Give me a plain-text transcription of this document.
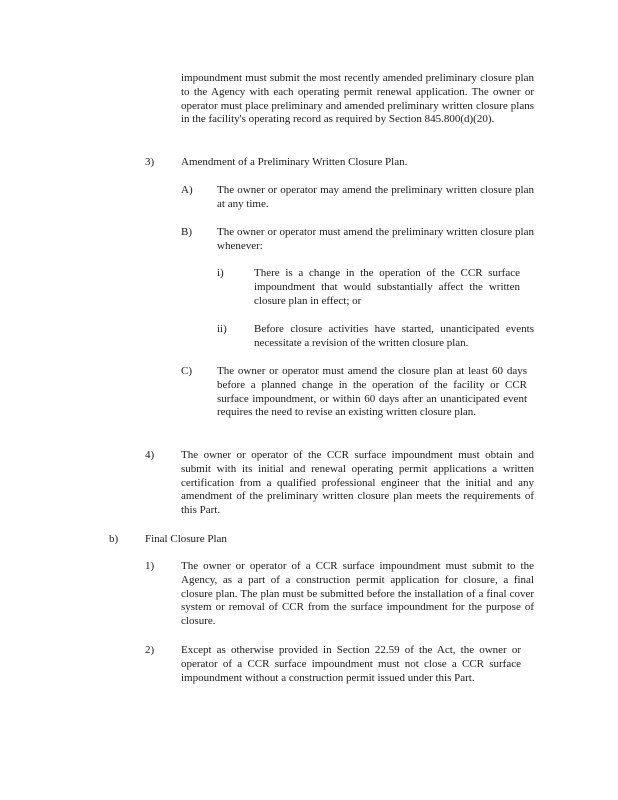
impoundment must submit the most recently amended preliminary closure plan to the Agency with each operating permit renewal application. The owner or operator must place preliminary and amended preliminary written closure plans in the facility's operating record as required by Section 845.800(d)(20).

3) Amendment of a Preliminary Written Closure Plan.
A) The owner or operator may amend the preliminary written closure plan at any time.

B) The owner or operator must amend the preliminary written closure plan whenever:

i)	There is a change in the operation of the CCR surface impoundment that would substantially affect the written closure plan in effect; or

ii) Before closure activities have started, unanticipated events necessitate a revision of the written closure plan.

C) The owner or operator must amend the closure plan at least 60 days before a planned change in the operation of the facility or CCR surface impoundment, or within 60 days after an unanticipated event requires the need to revise an existing written closure plan.

4) The owner or operator of the CCR surface impoundment must obtain and submit with its initial and renewal operating permit applications a written certification from a qualified professional engineer that the initial and any amendment of the preliminary written closure plan meets the requirements of this Part.

b) Final Closure Plan
1) The owner or operator of a CCR surface impoundment must submit to the Agency, as a part of a construction permit application for closure, a final closure plan. The plan must be submitted before the installation of a final cover system or removal of CCR from the surface impoundment for the purpose of closure.

2) Except as otherwise provided in Section 22.59 of the Act, the owner or operator of a CCR surface impoundment must not close a CCR surface impoundment without a construction permit issued under this Part.
